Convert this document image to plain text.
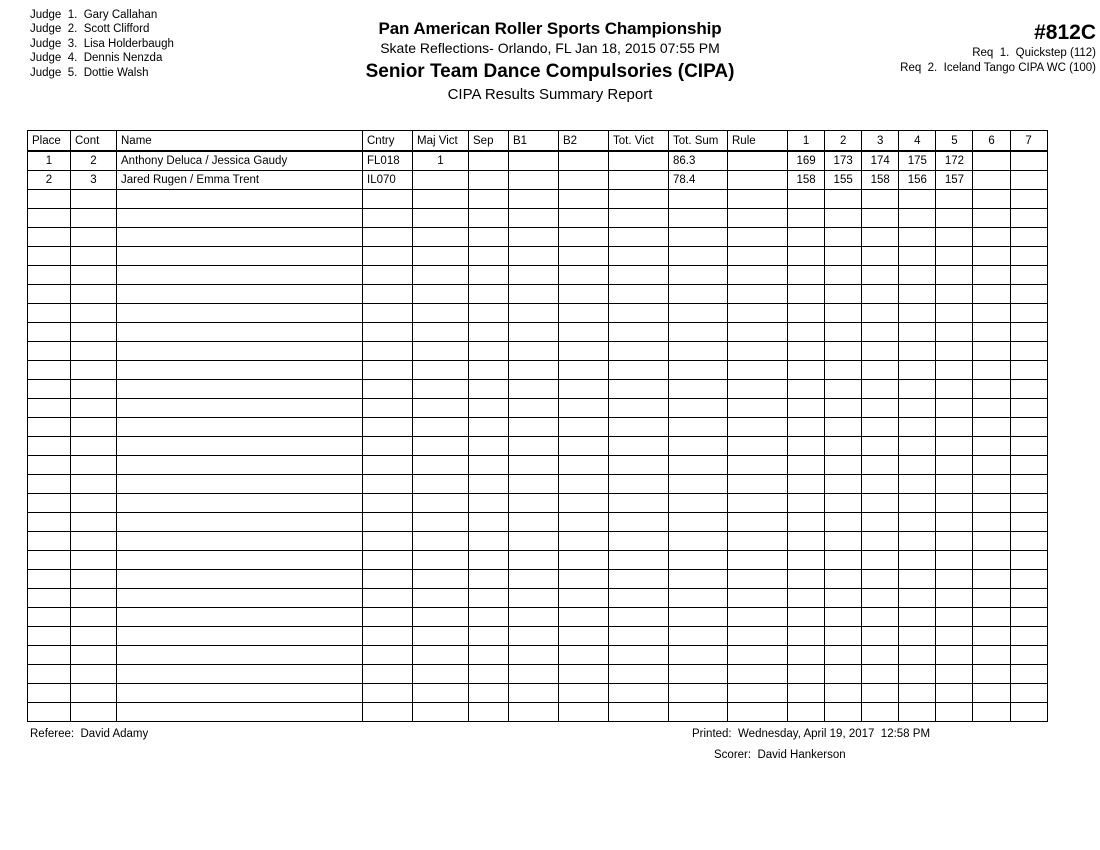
Judge 1. Gary Callahan
Judge 2. Scott Clifford
Judge 3. Lisa Holderbaugh
Judge 4. Dennis Nenzda
Judge 5. Dottie Walsh
Pan American Roller Sports Championship
Skate Reflections- Orlando, FL Jan 18, 2015 07:55 PM
Senior Team Dance Compulsories (CIPA)
CIPA Results Summary Report
#812C
Req  1.  Quickstep (112)
Req  2.  Iceland Tango CIPA WC (100)
Place	Cont	Name	Cntry	Maj Vict	Sep	B1	B2	Tot. Vict	Tot. Sum	Rule	1	2	3	4	5	6	7
1	2	Anthony Deluca / Jessica Gaudy	FL018	1					86.3		169	173	174	175	172		
2	3	Jared Rugen / Emma Trent	IL070						78.4		158	155	158	156	157		

Referee:  David Adamy	Printed:  Wednesday, April 19, 2017  12:58 PM
Scorer:  David Hankerson
